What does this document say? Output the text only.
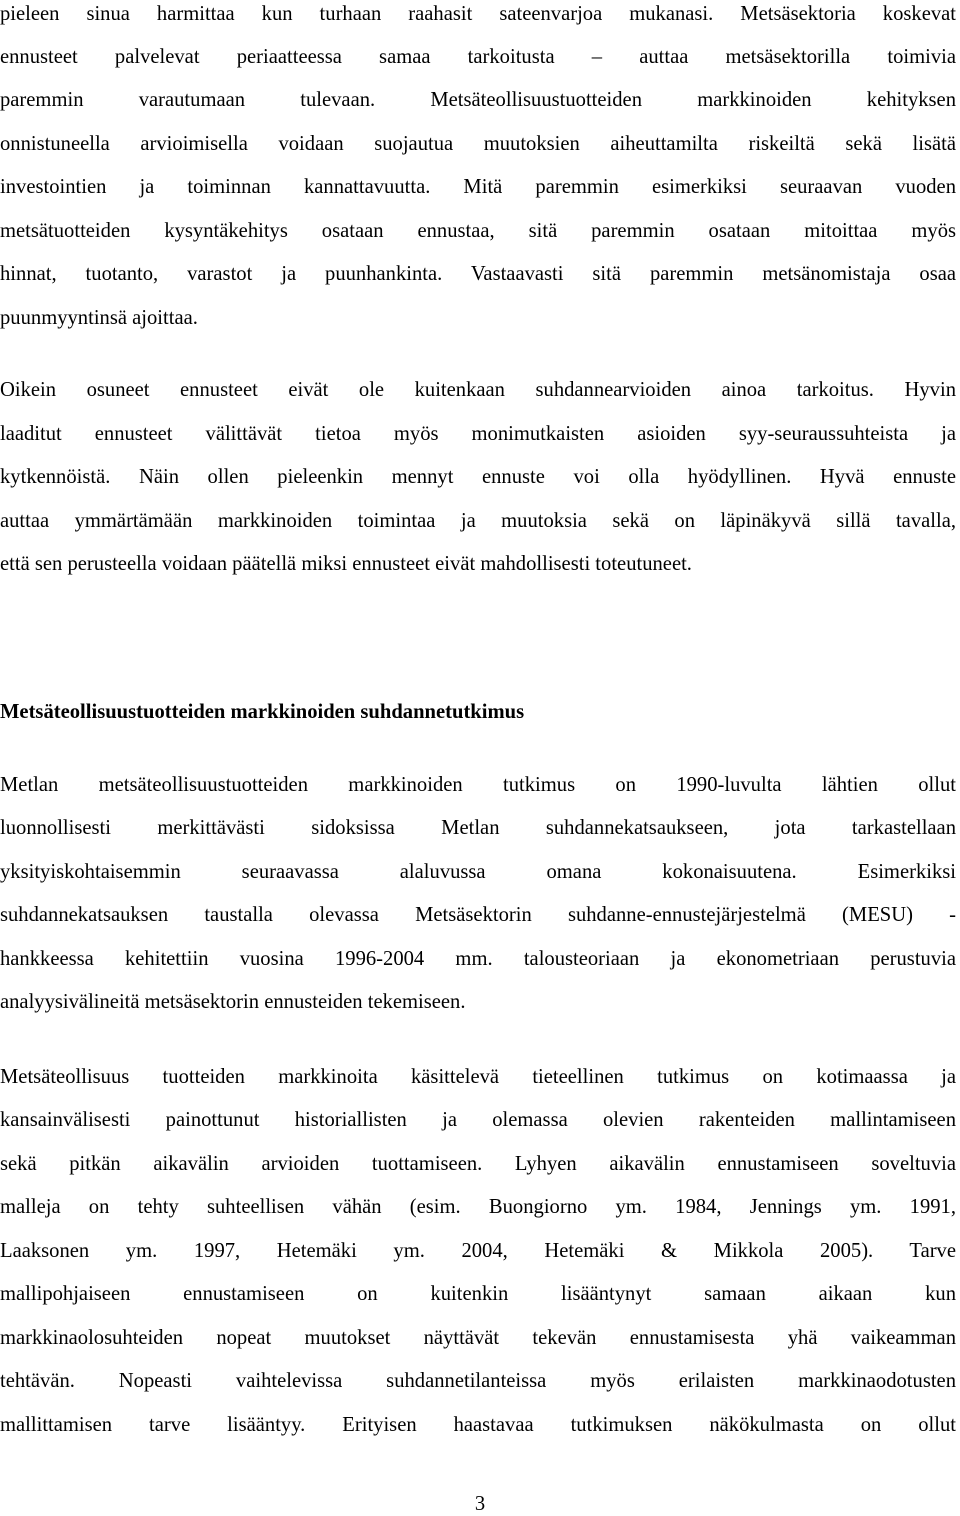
pieleen sinua harmittaa kun turhaan raahasit sateenvarjoa mukanasi. Metsäsektoria koskevat

ennusteet palvelevat periaatteessa samaa tarkoitusta – auttaa metsäsektorilla toimivia

paremmin varautumaan tulevaan. Metsäteollisuustuotteiden markkinoiden kehityksen

onnistuneella arvioimisella voidaan suojautua muutoksien aiheuttamilta riskeiltä sekä lisätä

investointien ja toiminnan kannattavuutta. Mitä paremmin esimerkiksi seuraavan vuoden

metsätuotteiden kysyntäkehitys osataan ennustaa, sitä paremmin osataan mitoittaa myös

hinnat, tuotanto, varastot ja puunhankinta. Vastaavasti sitä paremmin metsänomistaja osaa

puunmyyntinsä ajoittaa.

Oikein osuneet ennusteet eivät ole kuitenkaan suhdannearvioiden ainoa tarkoitus. Hyvin

laaditut ennusteet välittävät tietoa myös monimutkaisten asioiden syy-seuraussuhteista ja

kytkennöistä. Näin ollen pieleenkin mennyt ennuste voi olla hyödyllinen. Hyvä ennuste

auttaa ymmärtämään markkinoiden toimintaa ja muutoksia sekä on läpinäkyvä sillä tavalla,

että sen perusteella voidaan päätellä miksi ennusteet eivät mahdollisesti toteutuneet.

Metsäteollisuustuotteiden markkinoiden suhdannetutkimus

Metlan metsäteollisuustuotteiden markkinoiden tutkimus on 1990-luvulta lähtien ollut

luonnollisesti merkittävästi sidoksissa Metlan suhdannekatsaukseen, jota tarkastellaan

yksityiskohtaisemmin seuraavassa alaluvussa omana kokonaisuutena. Esimerkiksi

suhdannekatsauksen taustalla olevassa Metsäsektorin suhdanne-ennustejärjestelmä (MESU) -

hankkeessa kehitettiin vuosina 1996-2004 mm. talousteoriaan ja ekonometriaan perustuvia

analyysivälineitä metsäsektorin ennusteiden tekemiseen.

Metsäteollisuus tuotteiden markkinoita käsittelevä tieteellinen tutkimus on kotimaassa ja

kansainvälisesti painottunut historiallisten ja olemassa olevien rakenteiden mallintamiseen

sekä pitkän aikavälin arvioiden tuottamiseen. Lyhyen aikavälin ennustamiseen soveltuvia

malleja on tehty suhteellisen vähän (esim. Buongiorno ym. 1984, Jennings ym. 1991,

Laaksonen ym. 1997, Hetemäki ym. 2004, Hetemäki & Mikkola 2005). Tarve

mallipohjaiseen ennustamiseen on kuitenkin lisääntynyt samaan aikaan kun

markkinaolosuhteiden nopeat muutokset näyttävät tekevän ennustamisesta yhä vaikeamman

tehtävän. Nopeasti vaihtelevissa suhdannetilanteissa myös erilaisten markkinaodotusten

mallittamisen tarve lisääntyy. Erityisen haastavaa tutkimuksen näkökulmasta on ollut

3
